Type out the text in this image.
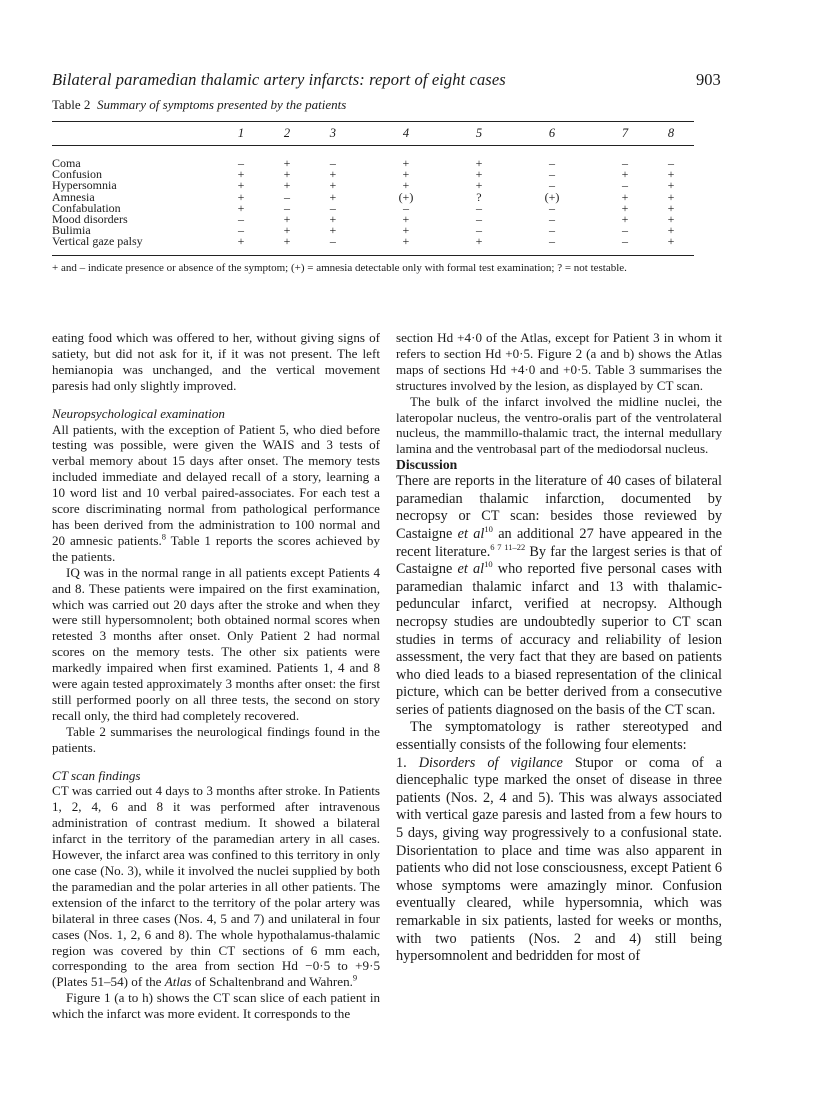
Bilateral paramedian thalamic artery infarcts: report of eight cases	903
Table 2 Summary of symptoms presented by the patients
	1	2	3	4	5	6	7	8

Coma	–	+	–	+	+	–	–	–
Confusion	+	+	+	+	+	–	+	+
Hypersomnia	+	+	+	+	+	–	–	+
Amnesia	+	–	+	(+)	?	(+)	+	+
Confabulation	+	–	–	–	–	–	+	+
Mood disorders	–	+	+	+	–	–	+	+
Bulimia	–	+	+	+	–	–	–	+
Vertical gaze palsy	+	+	–	+	+	–	–	+
+ and – indicate presence or absence of the symptom; (+) = amnesia detectable only with formal test examination; ? = not testable.

eating food which was offered to her, without giving signs of satiety, but did not ask for it, if it was not present. The left hemianopia was unchanged, and the vertical movement paresis had only slightly improved.

Neuropsychological examination

All patients, with the exception of Patient 5, who died before testing was possible, were given the WAIS and 3 tests of verbal memory about 15 days after onset. The memory tests included immediate and delayed recall of a story, learning a 10 word list and 10 verbal paired-associates. For each test a score discriminating normal from pathological performance has been derived from the administration to 100 normal and 20 amnesic patients.$^8$ Table 1 reports the scores achieved by the patients.

IQ was in the normal range in all patients except Patients 4 and 8. These patients were impaired on the first examination, which was carried out 20 days after the stroke and when they were still hypersomnolent; both obtained normal scores when retested 3 months after onset. Only Patient 2 had normal scores on the memory tests. The other six patients were markedly impaired when first examined. Patients 1, 4 and 8 were again tested approximately 3 months after onset: the first still performed poorly on all three tests, the second on story recall only, the third had completely recovered.

Table 2 summarises the neurological findings found in the patients.

CT scan findings

CT was carried out 4 days to 3 months after stroke. In Patients 1, 2, 4, 6 and 8 it was performed after intravenous administration of contrast medium. It showed a bilateral infarct in the territory of the paramedian artery in all cases. However, the infarct area was confined to this territory in only one case (No. 3), while it involved the nuclei supplied by both the paramedian and the polar arteries in all other patients. The extension of the infarct to the territory of the polar artery was bilateral in three cases (Nos. 4, 5 and 7) and unilateral in four cases (Nos. 1, 2, 6 and 8). The whole hypothalamus-thalamic region was covered by thin CT sections of 6 mm each, corresponding to the area from section Hd −0·5 to +9·5 (Plates 51–54) of the Atlas of Schaltenbrand and Wahren.$^9$

Figure 1 (a to h) shows the CT scan slice of each patient in which the infarct was more evident. It corresponds to the

section Hd +4·0 of the Atlas, except for Patient 3 in whom it refers to section Hd +0·5. Figure 2 (a and b) shows the Atlas maps of sections Hd +4·0 and +0·5. Table 3 summarises the structures involved by the lesion, as displayed by CT scan.

The bulk of the infarct involved the midline nuclei, the lateropolar nucleus, the ventro-oralis part of the ventrolateral nucleus, the mammillo-thalamic tract, the internal medullary lamina and the ventrobasal part of the mediodorsal nucleus.

Discussion

There are reports in the literature of 40 cases of bilateral paramedian thalamic infarction, documented by necropsy or CT scan: besides those reviewed by Castaigne et $al^{10}$ an additional 27 have appeared in the recent literature.$^{6 7 11-22}$ By far the largest series is that of Castaigne et $al^{10}$ who reported five personal cases with paramedian thalamic infarct and 13 with thalamic-peduncular infarct, verified at necropsy. Although necropsy studies are undoubtedly superior to CT scan studies in terms of accuracy and reliability of lesion assessment, the very fact that they are based on patients who died leads to a biased representation of the clinical picture, which can be better derived from a consecutive series of patients diagnosed on the basis of the CT scan.

The symptomatology is rather stereotyped and essentially consists of the following four elements:

1. Disorders of vigilance Stupor or coma of a diencephalic type marked the onset of disease in three patients (Nos. 2, 4 and 5). This was always associated with vertical gaze paresis and lasted from a few hours to 5 days, giving way progressively to a confusional state. Disorientation to place and time was also apparent in patients who did not lose consciousness, except Patient 6 whose symptoms were amazingly minor. Confusion eventually cleared, while hypersomnia, which was remarkable in six patients, lasted for weeks or months, with two patients (Nos. 2 and 4) still being hypersomnolent and bedridden for most of
